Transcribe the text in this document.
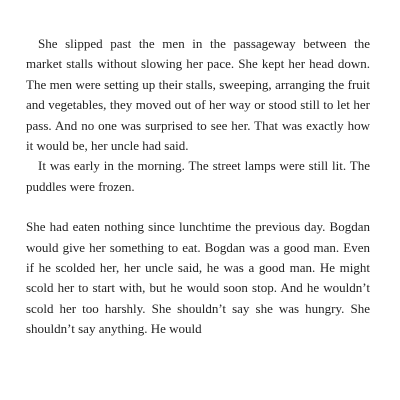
She slipped past the men in the passageway between the market stalls without slowing her pace. She kept her head down. The men were setting up their stalls, sweeping, arranging the fruit and vegetables, they moved out of her way or stood still to let her pass. And no one was surprised to see her. That was exactly how it would be, her uncle had said.

It was early in the morning. The street lamps were still lit. The puddles were frozen.

She had eaten nothing since lunchtime the previous day. Bogdan would give her something to eat. Bogdan was a good man. Even if he scolded her, her uncle said, he was a good man. He might scold her to start with, but he would soon stop. And he wouldn’t scold her too harshly. She shouldn’t say she was hungry. She shouldn’t say anything. He would
